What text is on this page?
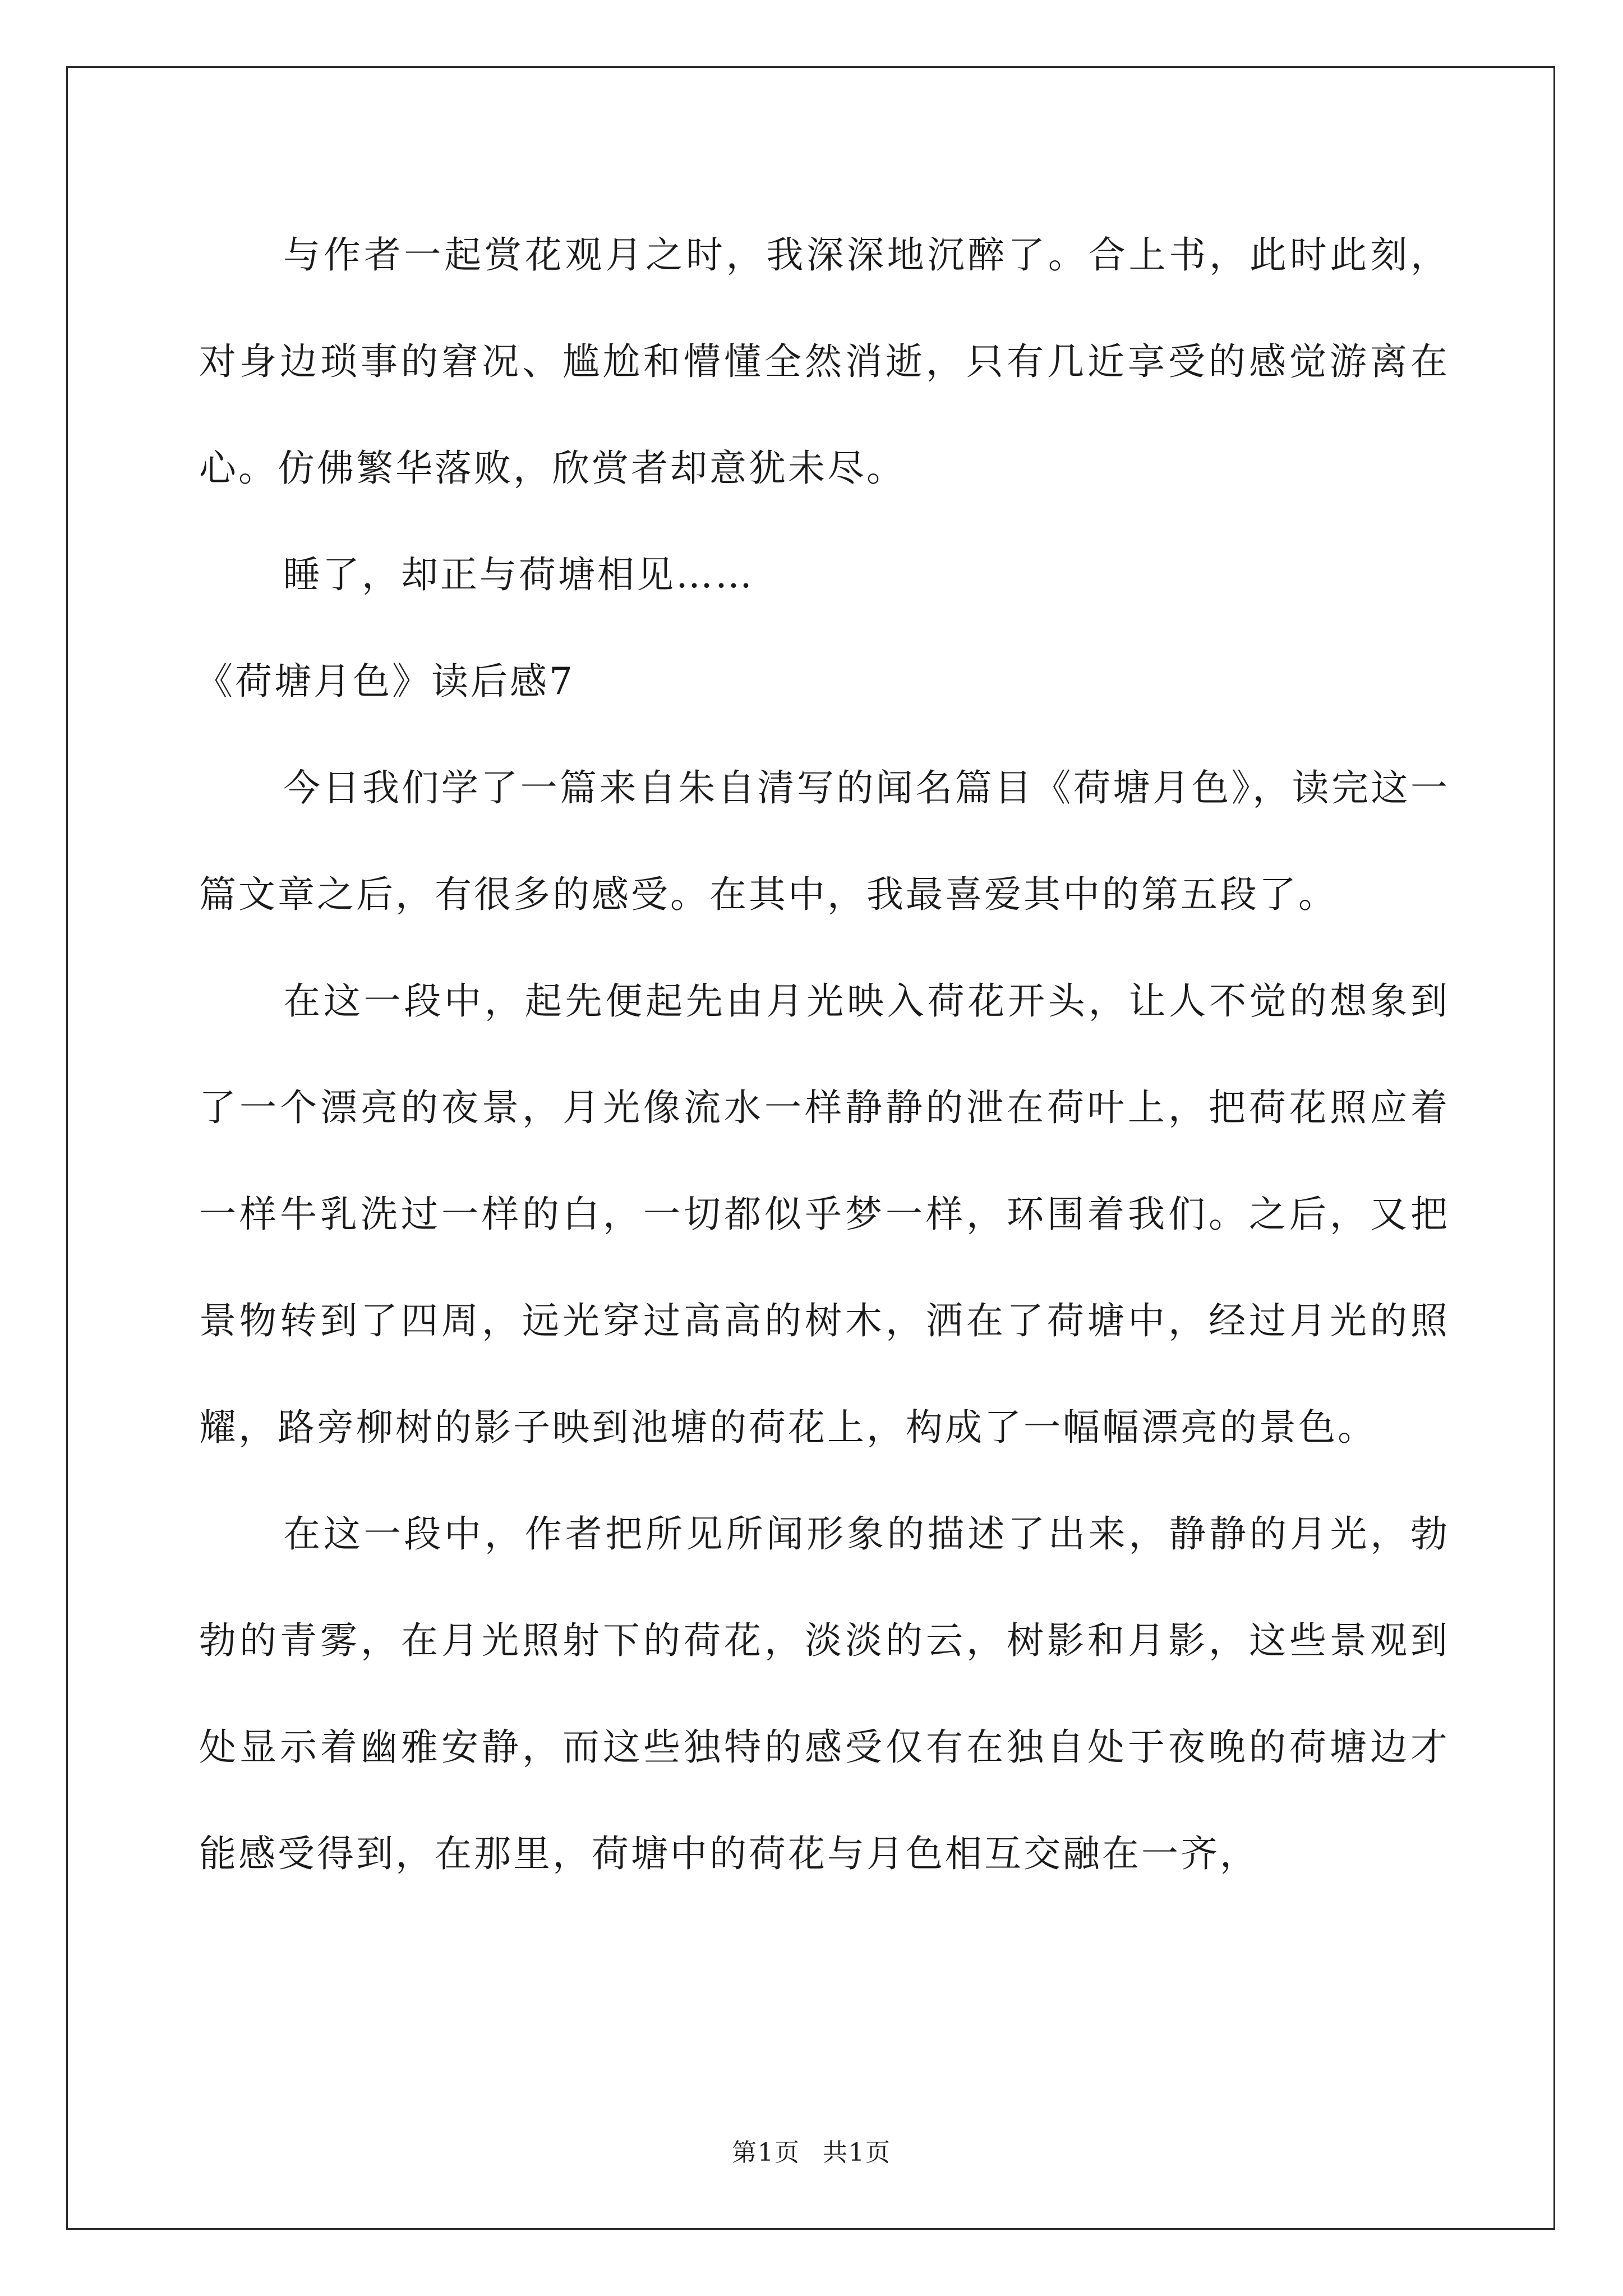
与作者一起赏花观月之时，我深深地沉醉了。合上书，此时此刻，对身边琐事的窘况、尴尬和懵懂全然消逝，只有几近享受的感觉游离在心。仿佛繁华落败，欣赏者却意犹未尽。

睡了，却正与荷塘相见……

《荷塘月色》读后感7

今日我们学了一篇来自朱自清写的闻名篇目《荷塘月色》，读完这一篇文章之后，有很多的感受。在其中，我最喜爱其中的第五段了。

在这一段中，起先便起先由月光映入荷花开头，让人不觉的想象到了一个漂亮的夜景，月光像流水一样静静的泄在荷叶上，把荷花照应着一样牛乳洗过一样的白，一切都似乎梦一样，环围着我们。之后，又把景物转到了四周，远光穿过高高的树木，洒在了荷塘中，经过月光的照耀，路旁柳树的影子映到池塘的荷花上，构成了一幅幅漂亮的景色。

在这一段中，作者把所见所闻形象的描述了出来，静静的月光，勃勃的青雾，在月光照射下的荷花，淡淡的云，树影和月影，这些景观到处显示着幽雅安静，而这些独特的感受仅有在独自处于夜晚的荷塘边才能感受得到，在那里，荷塘中的荷花与月色相互交融在一齐，

第1页 共1页
